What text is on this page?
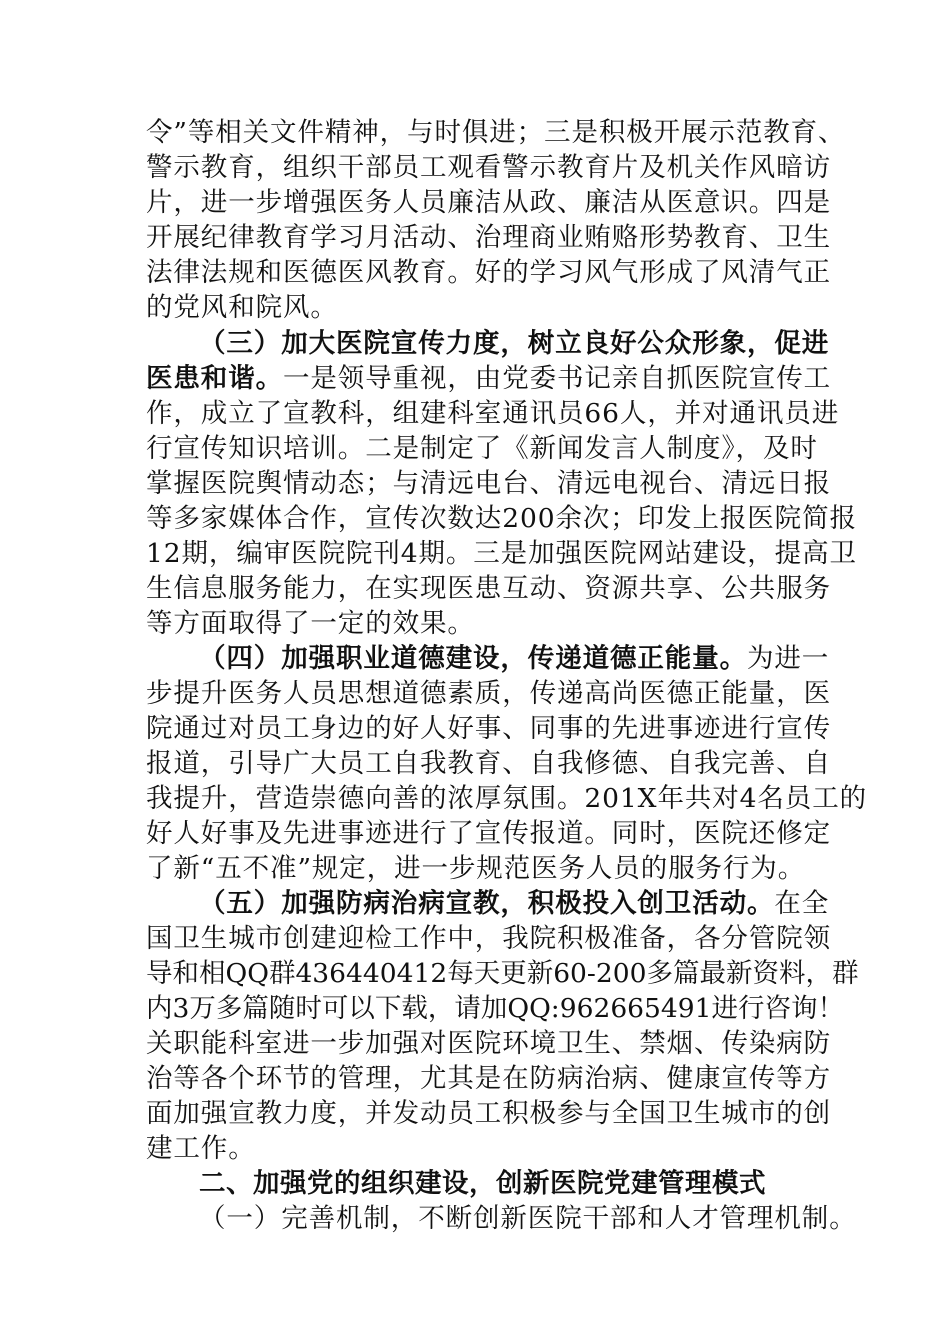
令”等相关文件精神，与时俱进；三是积极开展示范教育、
警示教育，组织干部员工观看警示教育片及机关作风暗访
片，进一步增强医务人员廉洁从政、廉洁从医意识。四是
开展纪律教育学习月活动、治理商业贿赂形势教育、卫生
法律法规和医德医风教育。好的学习风气形成了风清气正
的党风和院风。
（三）加大医院宣传力度，树立良好公众形象，促进
医患和谐。一是领导重视，由党委书记亲自抓医院宣传工
作，成立了宣教科，组建科室通讯员66人，并对通讯员进
行宣传知识培训。二是制定了《新闻发言人制度》，及时
掌握医院舆情动态；与清远电台、清远电视台、清远日报
等多家媒体合作，宣传次数达200余次；印发上报医院简报
12期，编审医院院刊4期。三是加强医院网站建设，提高卫
生信息服务能力，在实现医患互动、资源共享、公共服务
等方面取得了一定的效果。
（四）加强职业道德建设，传递道德正能量。为进一
步提升医务人员思想道德素质，传递高尚医德正能量，医
院通过对员工身边的好人好事、同事的先进事迹进行宣传
报道，引导广大员工自我教育、自我修德、自我完善、自
我提升，营造崇德向善的浓厚氛围。201X年共对4名员工的
好人好事及先进事迹进行了宣传报道。同时，医院还修定
了新“五不准”规定，进一步规范医务人员的服务行为。
（五）加强防病治病宣教，积极投入创卫活动。在全
国卫生城市创建迎检工作中，我院积极准备，各分管院领
导和相QQ群436440412每天更新60-200多篇最新资料，群
内3万多篇随时可以下载，请加QQ:962665491进行咨询！
关职能科室进一步加强对医院环境卫生、禁烟、传染病防
治等各个环节的管理，尤其是在防病治病、健康宣传等方
面加强宣教力度，并发动员工积极参与全国卫生城市的创
建工作。
二、加强党的组织建设，创新医院党建管理模式
（一）完善机制，不断创新医院干部和人才管理机制。
